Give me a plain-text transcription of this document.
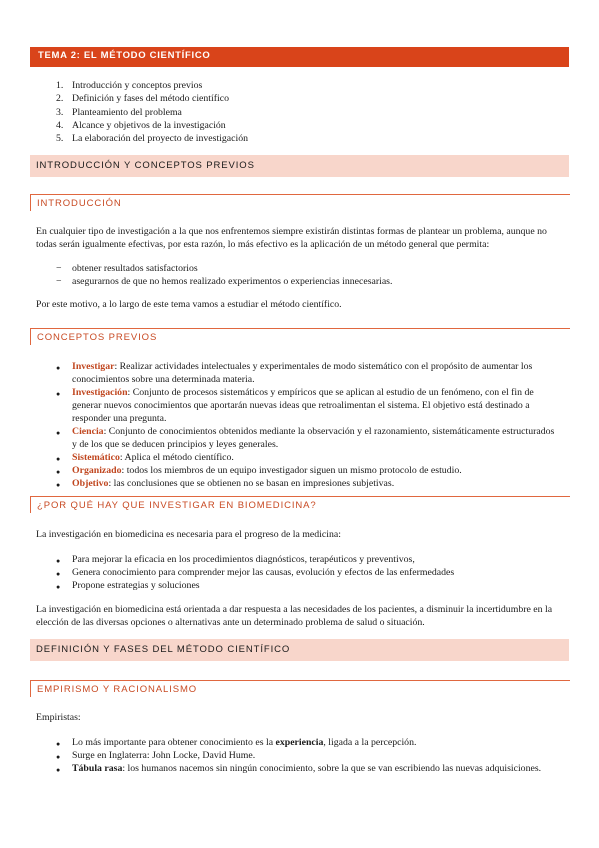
TEMA 2: EL MÉTODO CIENTÍFICO
1. Introducción y conceptos previos
2. Definición y fases del método científico
3. Planteamiento del problema
4. Alcance y objetivos de la investigación
5. La elaboración del proyecto de investigación
INTRODUCCIÓN Y CONCEPTOS PREVIOS
INTRODUCCIÓN

En cualquier tipo de investigación a la que nos enfrentemos siempre existirán distintas formas de plantear un problema, aunque no todas serán igualmente efectivas, por esta razón, lo más efectivo es la aplicación de un método general que permita:

− obtener resultados satisfactorios
− asegurarnos de que no hemos realizado experimentos o experiencias innecesarias.

Por este motivo, a lo largo de este tema vamos a estudiar el método científico.

CONCEPTOS PREVIOS
● Investigar: Realizar actividades intelectuales y experimentales de modo sistemático con el propósito de aumentar los conocimientos sobre una determinada materia.
● Investigación: Conjunto de procesos sistemáticos y empíricos que se aplican al estudio de un fenómeno, con el fin de generar nuevos conocimientos que aportarán nuevas ideas que retroalimentan el sistema. El objetivo está destinado a responder una pregunta.
● Ciencia: Conjunto de conocimientos obtenidos mediante la observación y el razonamiento, sistemáticamente estructurados y de los que se deducen principios y leyes generales.
● Sistemático: Aplica el método científico.
● Organizado: todos los miembros de un equipo investigador siguen un mismo protocolo de estudio.
● Objetivo: las conclusiones que se obtienen no se basan en impresiones subjetivas.
¿POR QUÉ HAY QUE INVESTIGAR EN BIOMEDICINA?

La investigación en biomedicina es necesaria para el progreso de la medicina:

● Para mejorar la eficacia en los procedimientos diagnósticos, terapéuticos y preventivos,
● Genera conocimiento para comprender mejor las causas, evolución y efectos de las enfermedades
● Propone estrategias y soluciones

La investigación en biomedicina está orientada a dar respuesta a las necesidades de los pacientes, a disminuir la incertidumbre en la elección de las diversas opciones o alternativas ante un determinado problema de salud o situación.

DEFINICIÓN Y FASES DEL MÉTODO CIENTÍFICO
EMPIRISMO Y RACIONALISMO

Empiristas:

● Lo más importante para obtener conocimiento es la experiencia, ligada a la percepción.
● Surge en Inglaterra: John Locke, David Hume.
● Tábula rasa: los humanos nacemos sin ningún conocimiento, sobre la que se van escribiendo las nuevas adquisiciones.
